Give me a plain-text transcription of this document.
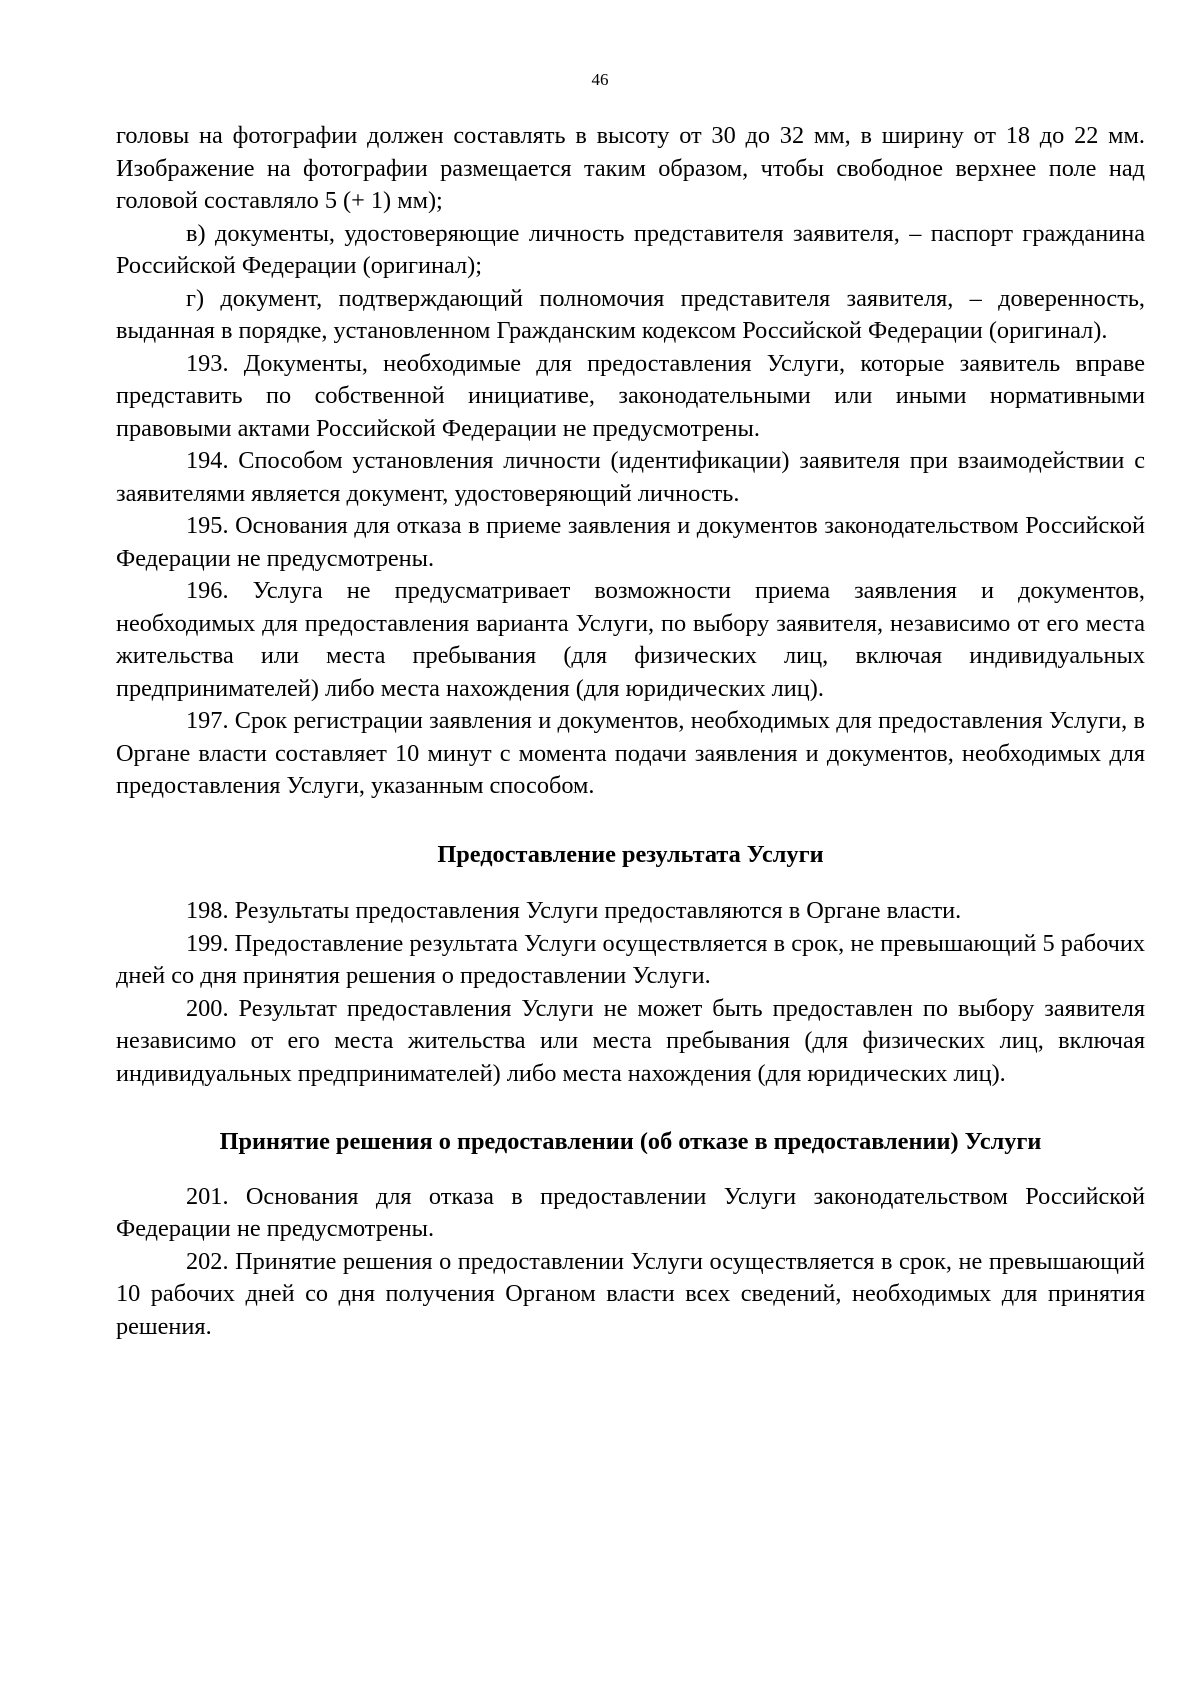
46

головы на фотографии должен составлять в высоту от 30 до 32 мм, в ширину от 18 до 22 мм. Изображение на фотографии размещается таким образом, чтобы свободное верхнее поле над головой составляло 5 (+ 1) мм);

в) документы, удостоверяющие личность представителя заявителя, – паспорт гражданина Российской Федерации (оригинал);

г) документ, подтверждающий полномочия представителя заявителя, – доверенность, выданная в порядке, установленном Гражданским кодексом Российской Федерации (оригинал).

193. Документы, необходимые для предоставления Услуги, которые заявитель вправе представить по собственной инициативе, законодательными или иными нормативными правовыми актами Российской Федерации не предусмотрены.

194. Способом установления личности (идентификации) заявителя при взаимодействии с заявителями является документ, удостоверяющий личность.

195. Основания для отказа в приеме заявления и документов законодательством Российской Федерации не предусмотрены.

196. Услуга не предусматривает возможности приема заявления и документов, необходимых для предоставления варианта Услуги, по выбору заявителя, независимо от его места жительства или места пребывания (для физических лиц, включая индивидуальных предпринимателей) либо места нахождения (для юридических лиц).

197. Срок регистрации заявления и документов, необходимых для предоставления Услуги, в Органе власти составляет 10 минут с момента подачи заявления и документов, необходимых для предоставления Услуги, указанным способом.

Предоставление результата Услуги

198. Результаты предоставления Услуги предоставляются в Органе власти.

199. Предоставление результата Услуги осуществляется в срок, не превышающий 5 рабочих дней со дня принятия решения о предоставлении Услуги.

200. Результат предоставления Услуги не может быть предоставлен по выбору заявителя независимо от его места жительства или места пребывания (для физических лиц, включая индивидуальных предпринимателей) либо места нахождения (для юридических лиц).

Принятие решения о предоставлении (об отказе в предоставлении) Услуги

201. Основания для отказа в предоставлении Услуги законодательством Российской Федерации не предусмотрены.

202. Принятие решения о предоставлении Услуги осуществляется в срок, не превышающий 10 рабочих дней со дня получения Органом власти всех сведений, необходимых для принятия решения.
